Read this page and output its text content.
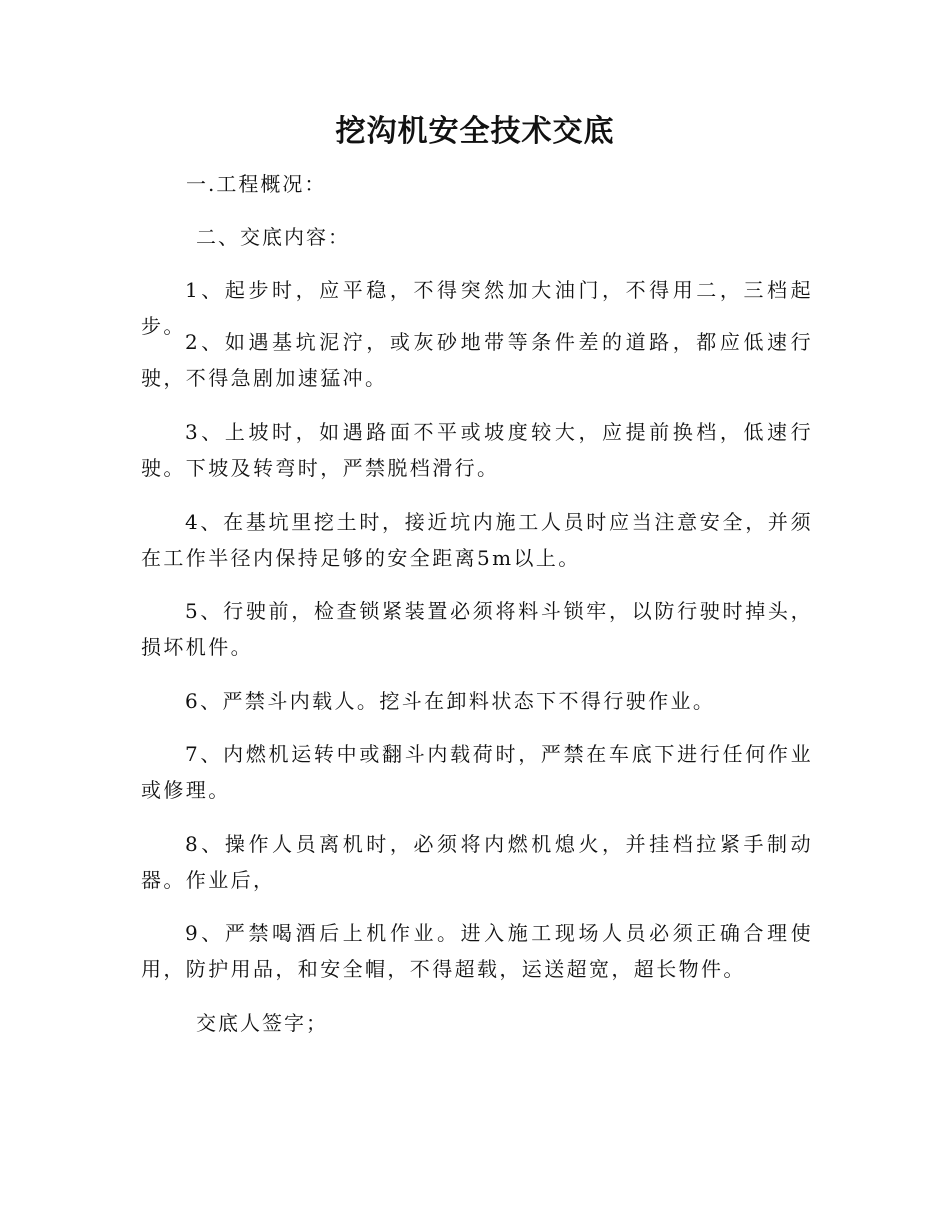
挖沟机安全技术交底
一.工程概况：
二、交底内容：
1、起步时，应平稳，不得突然加大油门，不得用二，三档起步。
2、如遇基坑泥泞，或灰砂地带等条件差的道路，都应低速行驶，不得急剧加速猛冲。
3、上坡时，如遇路面不平或坡度较大，应提前换档，低速行驶。下坡及转弯时，严禁脱档滑行。
4、在基坑里挖土时，接近坑内施工人员时应当注意安全，并须在工作半径内保持足够的安全距离5m以上。
5、行驶前，检查锁紧装置必须将料斗锁牢，以防行驶时掉头，损坏机件。
6、严禁斗内载人。挖斗在卸料状态下不得行驶作业。
7、内燃机运转中或翻斗内载荷时，严禁在车底下进行任何作业或修理。
8、操作人员离机时，必须将内燃机熄火，并挂档拉紧手制动器。作业后，
9、严禁喝酒后上机作业。进入施工现场人员必须正确合理使用，防护用品，和安全帽，不得超载，运送超宽，超长物件。
交底人签字；
